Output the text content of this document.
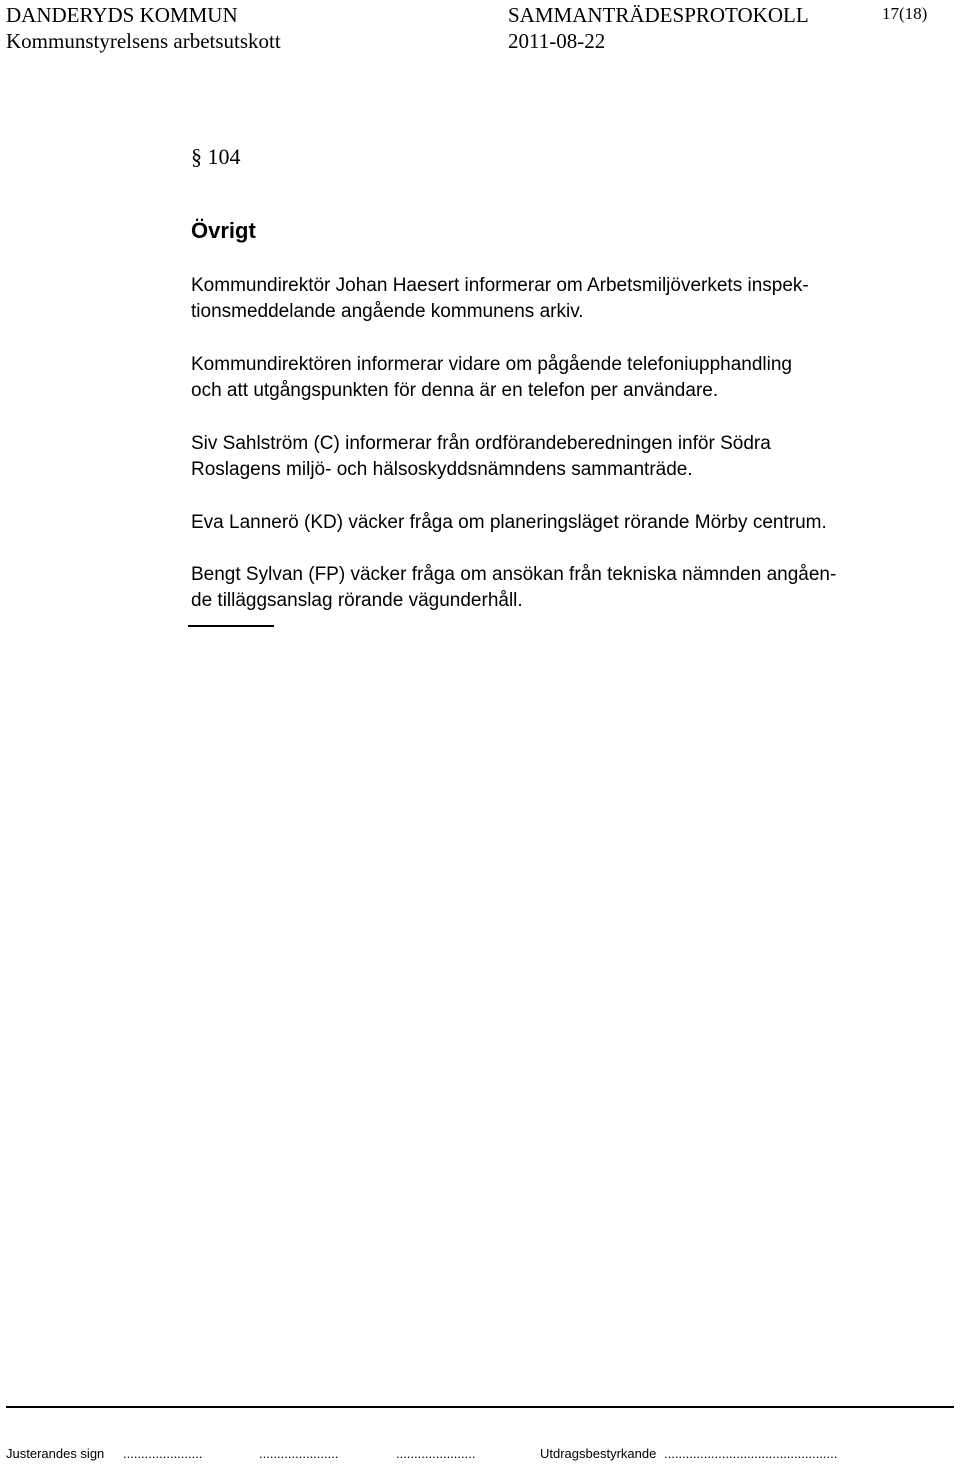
DANDERYDS KOMMUN
Kommunstyrelsens arbetsutskott
SAMMANTRÄDESPROTOKOLL
2011-08-22
17(18)
§ 104
Övrigt

Kommundirektör Johan Haesert informerar om Arbetsmiljöverkets inspek-
tionsmeddelande angående kommunens arkiv.

Kommundirektören informerar vidare om pågående telefoniupphandling
och att utgångspunkten för denna är en telefon per användare.

Siv Sahlström (C) informerar från ordförandeberedningen inför Södra
Roslagens miljö- och hälsoskyddsnämndens sammanträde.

Eva Lannerö (KD) väcker fråga om planeringsläget rörande Mörby centrum.

Bengt Sylvan (FP) väcker fråga om ansökan från tekniska nämnden angåen-
de tilläggsanslag rörande vägunderhåll.

Justerandes sign ......................	......................	......................	Utdragsbestyrkande ................................................
